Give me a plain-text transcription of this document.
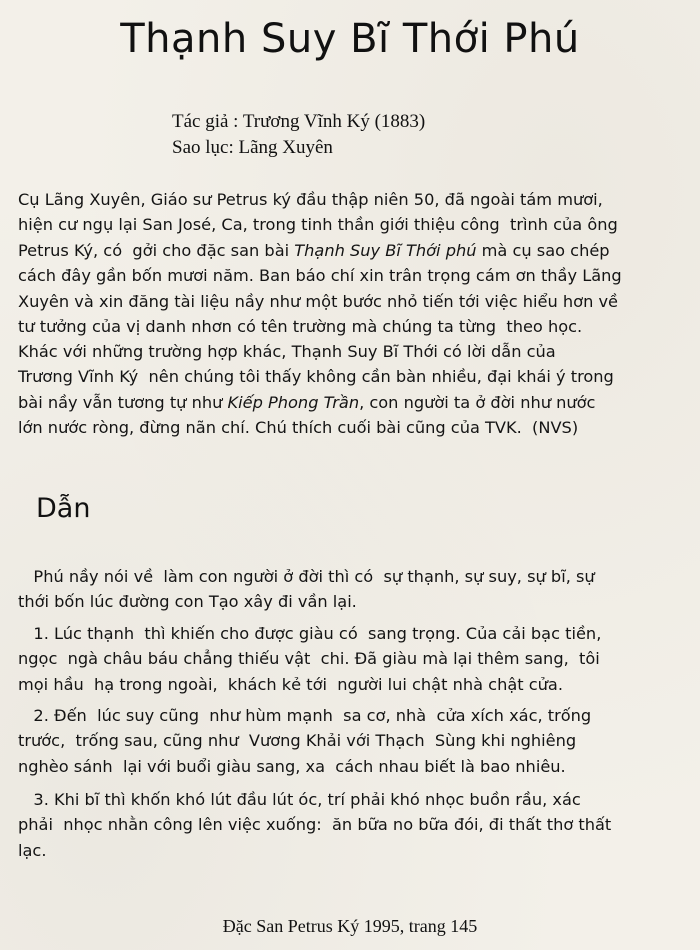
Thạnh Suy Bĩ Thới Phú
Tác giả : Trương Vĩnh Ký (1883)
Sao lục: Lãng Xuyên
Cụ Lãng Xuyên, Giáo sư Petrus ký đầu thập niên 50, đã ngoài tám mươi,
hiện cư ngụ lại San José, Ca, trong tinh thần giới thiệu công  trình của ông
Petrus Ký, có  gởi cho đặc san bài Thạnh Suy Bĩ Thới phú mà cụ sao chép
cách đây gần bốn mươi năm. Ban báo chí xin trân trọng cám ơn thầy Lãng
Xuyên và xin đăng tài liệu nầy như một bước nhỏ tiến tới việc hiểu hơn về
tư tưởng của vị danh nhơn có tên trường mà chúng ta từng  theo học.
Khác với những trường hợp khác, Thạnh Suy Bĩ Thới có lời dẫn của
Trương Vĩnh Ký  nên chúng tôi thấy không cần bàn nhiều, đại khái ý trong
bài nầy vẫn tương tự như Kiếp Phong Trần, con người ta ở đời như nước
lớn nước ròng, đừng nãn chí. Chú thích cuối bài cũng của TVK.  (NVS)
Dẫn
Phú nầy nói về  làm con người ở đời thì có  sự thạnh, sự suy, sự bĩ, sự
thới bốn lúc đường con Tạo xây đi vần lại.
1. Lúc thạnh  thì khiến cho được giàu có  sang trọng. Của cải bạc tiền,
ngọc  ngà châu báu chẳng thiếu vật  chi. Đã giàu mà lại thêm sang,  tôi
mọi hầu  hạ trong ngoài,  khách kẻ tới  người lui chật nhà chật cửa.
2. Đến  lúc suy cũng  như hùm mạnh  sa cơ, nhà  cửa xích xác, trống
trước,  trống sau, cũng như  Vương Khải với Thạch  Sùng khi nghiêng
nghèo sánh  lại với buổi giàu sang, xa  cách nhau biết là bao nhiêu.
3. Khi bĩ thì khốn khó lút đầu lút óc, trí phải khó nhọc buồn rầu, xác
phải  nhọc nhằn công lên việc xuống:  ăn bữa no bữa đói, đi thất thơ thất
lạc.
Đặc San Petrus Ký 1995, trang 145
